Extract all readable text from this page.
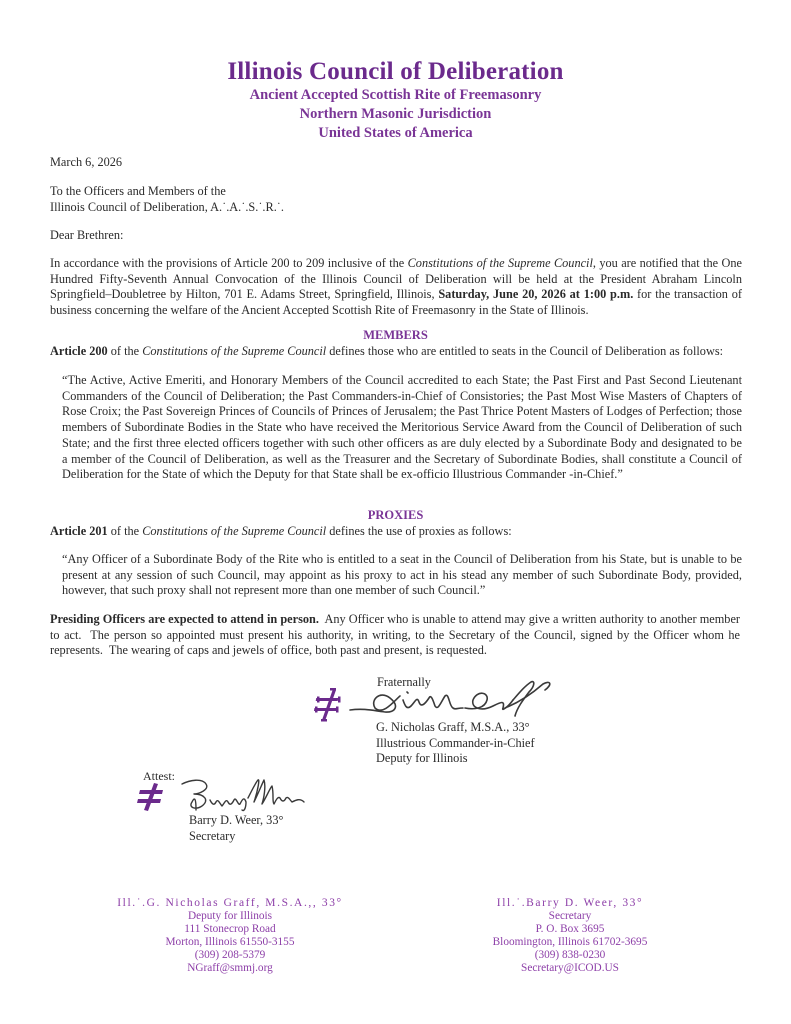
Illinois Council of Deliberation
Ancient Accepted Scottish Rite of Freemasonry
Northern Masonic Jurisdiction
United States of America
March 6, 2026
To the Officers and Members of the
Illinois Council of Deliberation, A.˙.A.˙.S.˙.R.˙.
Dear Brethren:
In accordance with the provisions of Article 200 to 209 inclusive of the Constitutions of the Supreme Council, you are notified that the One Hundred Fifty-Seventh Annual Convocation of the Illinois Council of Deliberation will be held at the President Abraham Lincoln Springfield–Doubletree by Hilton, 701 E. Adams Street, Springfield, Illinois, Saturday, June 20, 2026 at 1:00 p.m. for the transaction of business concerning the welfare of the Ancient Accepted Scottish Rite of Freemasonry in the State of Illinois.
MEMBERS
Article 200 of the Constitutions of the Supreme Council defines those who are entitled to seats in the Council of Deliberation as follows:
“The Active, Active Emeriti, and Honorary Members of the Council accredited to each State; the Past First and Past Second Lieutenant Commanders of the Council of Deliberation; the Past Commanders-in-Chief of Consistories; the Past Most Wise Masters of Chapters of Rose Croix; the Past Sovereign Princes of Councils of Princes of Jerusalem; the Past Thrice Potent Masters of Lodges of Perfection; those members of Subordinate Bodies in the State who have received the Meritorious Service Award from the Council of Deliberation of such State; and the first three elected officers together with such other officers as are duly elected by a Subordinate Body and designated to be a member of the Council of Deliberation, as well as the Treasurer and the Secretary of Subordinate Bodies, shall constitute a Council of Deliberation for the State of which the Deputy for that State shall be ex-officio Illustrious Commander -in-Chief.”
PROXIES
Article 201 of the Constitutions of the Supreme Council defines the use of proxies as follows:
“Any Officer of a Subordinate Body of the Rite who is entitled to a seat in the Council of Deliberation from his State, but is unable to be present at any session of such Council, may appoint as his proxy to act in his stead any member of such Subordinate Body, provided, however, that such proxy shall not represent more than one member of such Council.”
Presiding Officers are expected to attend in person.  Any Officer who is unable to attend may give a written authority to another member to act.  The person so appointed must present his authority, in writing, to the Secretary of the Council, signed by the Officer whom he represents.  The wearing of caps and jewels of office, both past and present, is requested.
Fraternally
G. Nicholas Graff, M.S.A., 33°
Illustrious Commander-in-Chief
Deputy for Illinois
Attest:
Barry D. Weer, 33°
Secretary
Ill.˙.G. Nicholas Graff, M.S.A.,, 33°
Deputy for Illinois
111 Stonecrop Road
Morton, Illinois 61550-3155
(309) 208-5379
NGraff@smmj.org
Ill.˙.Barry D. Weer, 33°
Secretary
P. O. Box 3695
Bloomington, Illinois 61702-3695
(309) 838-0230
Secretary@ICOD.US
